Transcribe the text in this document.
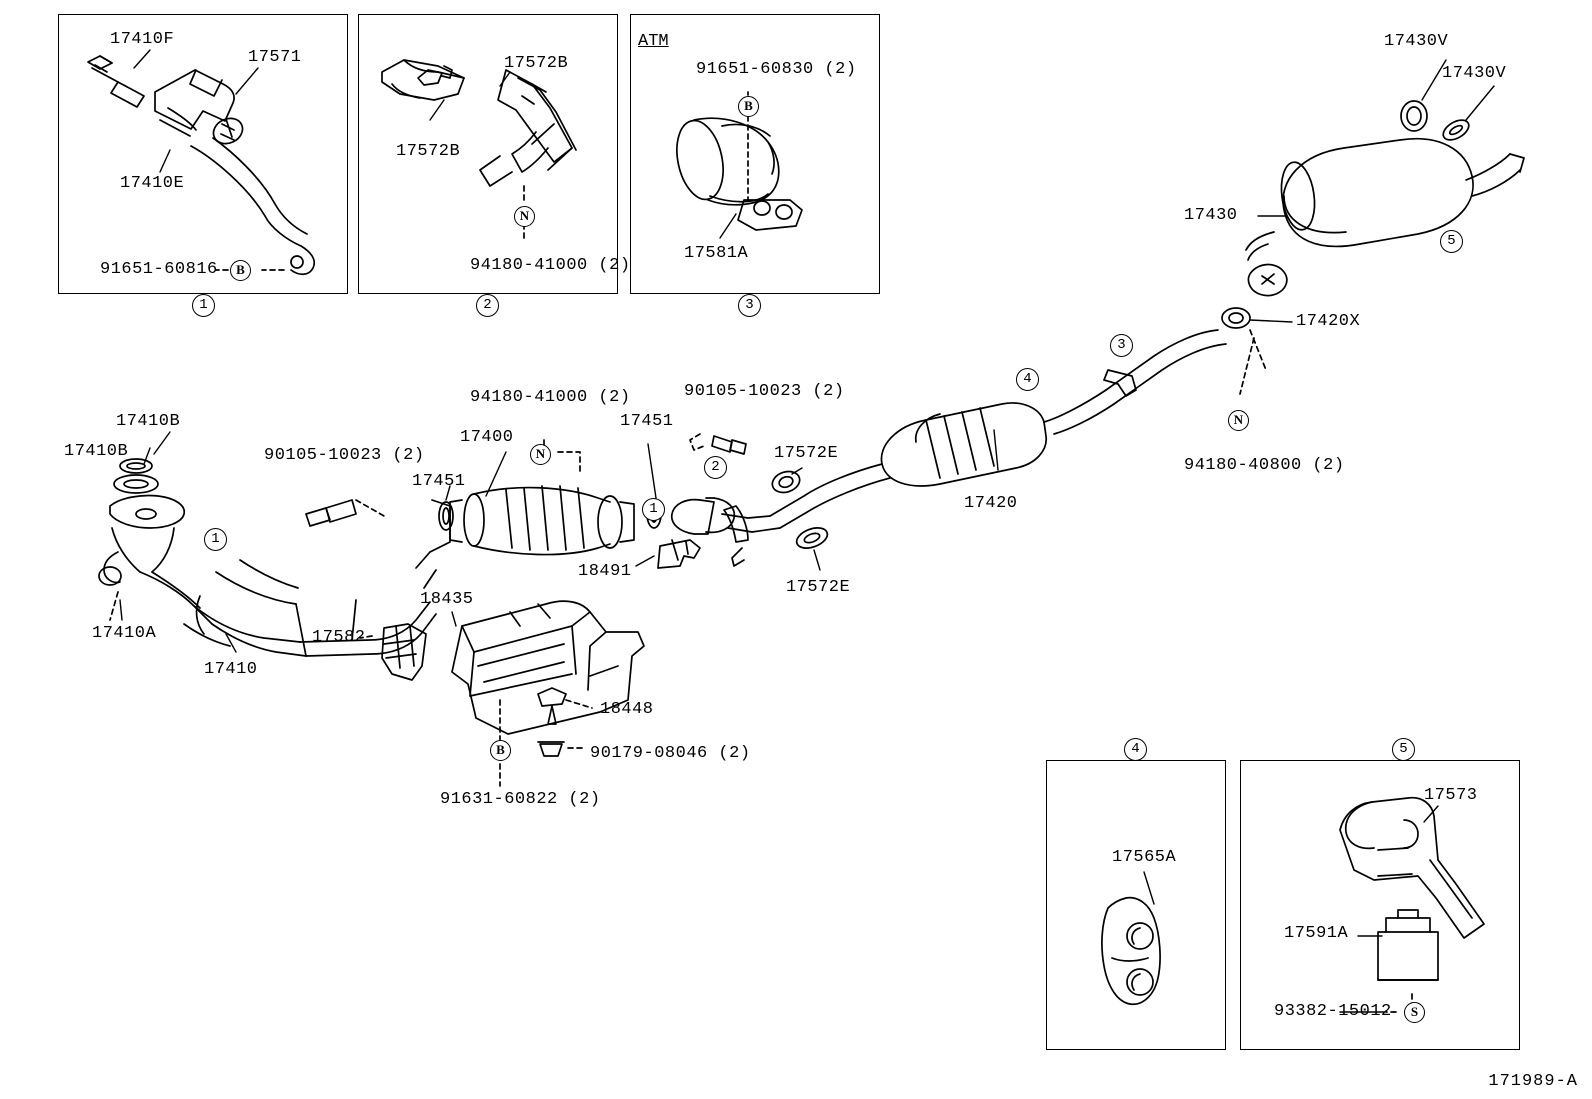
17410F
17571
17410E
91651-60816	B
1
17572B
17572B
94180-41000 (2)
N
2
ATM
91651-60830 (2)
B
17581A
3
17430V
17430V
17430
5
17420X
3
4
N
94180-40800 (2)
17420
17410B
17410B	90105-10023 (2)
17451
17400
94180-41000 (2)
N
17451
90105-10023 (2)
2
17572E
17572E
18491
1
1
17410A
17410
17582
18435
18448
90179-08046 (2)
B
91631-60822 (2)
4	5
17565A
17573
17591A
93382-15012	S
171989-A
